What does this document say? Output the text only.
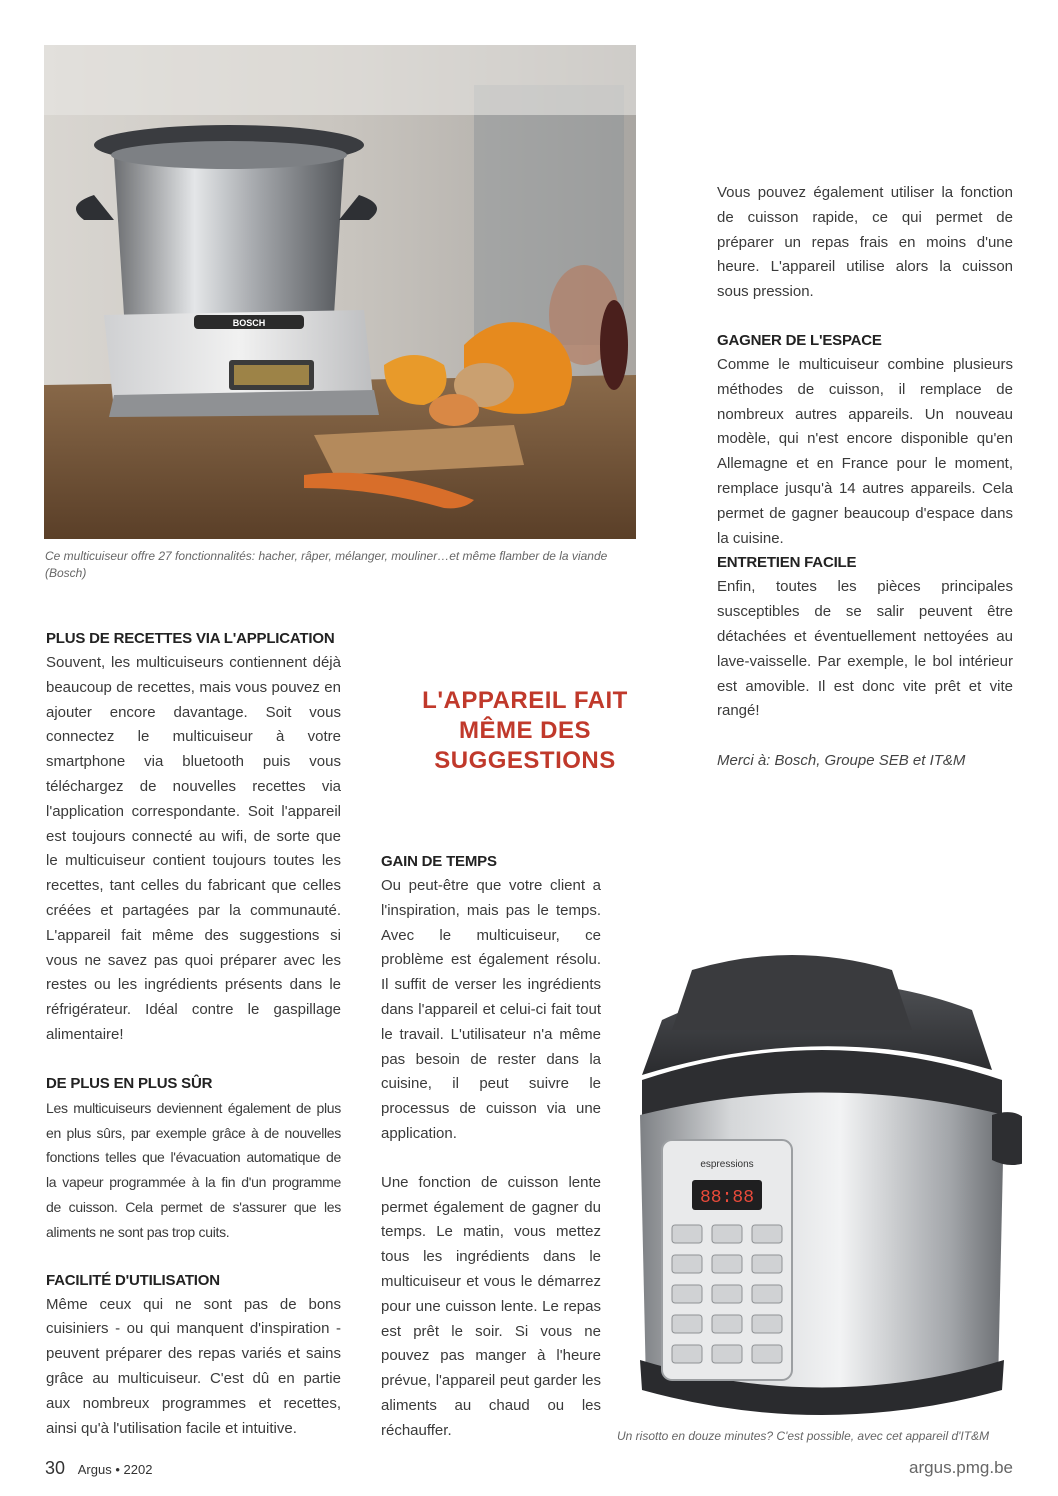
BOSCH
Ce multicuiseur offre 27 fonctionnalités: hacher, râper, mélanger, mouliner…et même flamber de la viande (Bosch)
PLUS DE RECETTES VIA L'APPLICATION

Souvent, les multicuiseurs contiennent déjà beaucoup de recettes, mais vous pouvez en ajouter encore davantage. Soit vous connectez le multicuiseur à votre smartphone via bluetooth puis vous téléchargez de nouvelles recettes via l'application correspondante. Soit l'appareil est toujours connecté au wifi, de sorte que le multicuiseur contient toujours toutes les recettes, tant celles du fabricant que celles créées et partagées par la communauté. L'appareil fait même des suggestions si vous ne savez pas quoi préparer avec les restes ou les ingrédients présents dans le réfrigérateur. Idéal contre le gaspillage alimentaire!

DE PLUS EN PLUS SÛR

Les multicuiseurs deviennent également de plus en plus sûrs, par exemple grâce à de nouvelles fonctions telles que l'évacuation automatique de la vapeur programmée à la fin d'un programme de cuisson. Cela permet de s'assurer que les aliments ne sont pas trop cuits.

FACILITÉ D'UTILISATION

Même ceux qui ne sont pas de bons cuisiniers - ou qui manquent d'inspiration - peuvent préparer des repas variés et sains grâce au multicuiseur. C'est dû en partie aux nombreux programmes et recettes, ainsi qu'à l'utilisation facile et intuitive.

L'APPAREIL FAIT
MÊME DES
SUGGESTIONS
GAIN DE TEMPS

Ou peut-être que votre client a l'inspiration, mais pas le temps. Avec le multicuiseur, ce problème est également résolu. Il suffit de verser les ingrédients dans l'appareil et celui-ci fait tout le travail. L'utilisateur n'a même pas besoin de rester dans la cuisine, il peut suivre le processus de cuisson via une application.

Une fonction de cuisson lente permet également de gagner du temps. Le matin, vous mettez tous les ingrédients dans le multicuiseur et vous le démarrez pour une cuisson lente. Le repas est prêt le soir. Si vous ne pouvez pas manger à l'heure prévue, l'appareil peut garder les aliments au chaud ou les réchauffer.

Vous pouvez également utiliser la fonction de cuisson rapide, ce qui permet de préparer un repas frais en moins d'une heure. L'appareil utilise alors la cuisson sous pression.

GAGNER DE L'ESPACE

Comme le multicuiseur combine plusieurs méthodes de cuisson, il remplace de nombreux autres appareils. Un nouveau modèle, qui n'est encore disponible qu'en Allemagne et en France pour le moment, remplace jusqu'à 14 autres appareils. Cela permet de gagner beaucoup d'espace dans la cuisine.

ENTRETIEN FACILE

Enfin, toutes les pièces principales susceptibles de se salir peuvent être détachées et éventuellement nettoyées au lave-vaisselle. Par exemple, le bol intérieur est amovible. Il est donc vite prêt et vite rangé!

Merci à: Bosch, Groupe SEB et IT&M
espressions
88:88
Un risotto en douze minutes? C'est possible, avec cet appareil d'IT&M
30 Argus • 2202	argus.pmg.be
